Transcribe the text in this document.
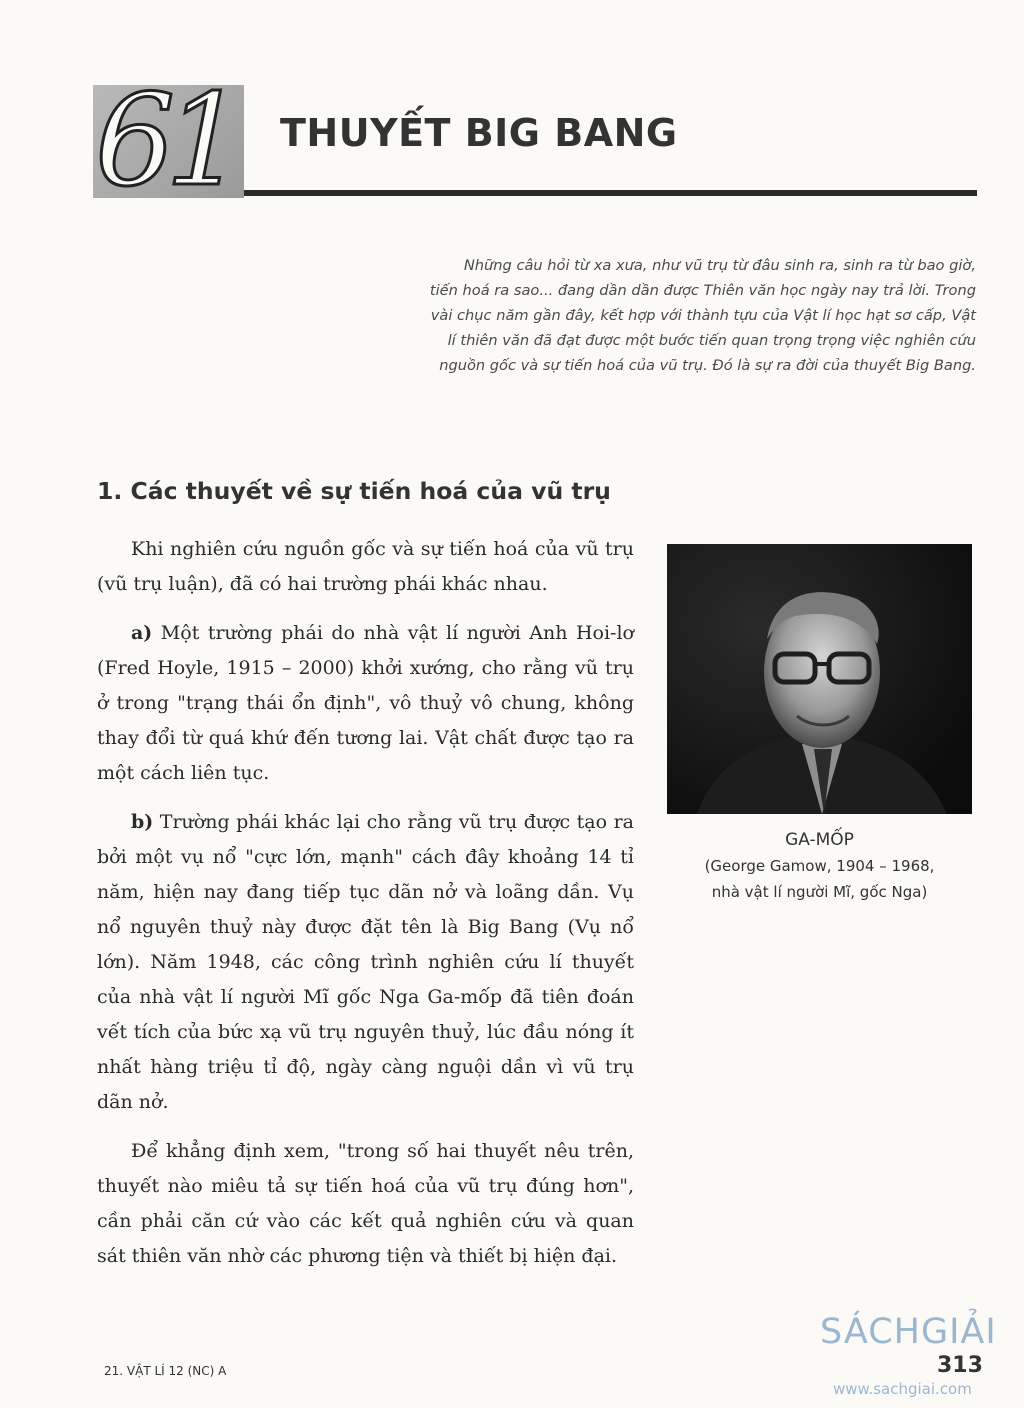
61 THUYẾT BIG BANG

Những câu hỏi từ xa xưa, như vũ trụ từ đâu sinh ra, sinh ra từ bao giờ,
tiến hoá ra sao... đang dần dần được Thiên văn học ngày nay trả lời. Trong
vài chục năm gần đây, kết hợp với thành tựu của Vật lí học hạt sơ cấp, Vật
lí thiên văn đã đạt được một bước tiến quan trọng trọng việc nghiên cứu
nguồn gốc và sự tiến hoá của vũ trụ. Đó là sự ra đời của thuyết Big Bang.

1. Các thuyết về sự tiến hoá của vũ trụ

Khi nghiên cứu nguồn gốc và sự tiến hoá của vũ trụ (vũ trụ luận), đã có hai trường phái khác nhau.

a) Một trường phái do nhà vật lí người Anh Hoi-lơ (Fred Hoyle, 1915 – 2000) khởi xướng, cho rằng vũ trụ ở trong "trạng thái ổn định", vô thuỷ vô chung, không thay đổi từ quá khứ đến tương lai. Vật chất được tạo ra một cách liên tục.

b) Trường phái khác lại cho rằng vũ trụ được tạo ra bởi một vụ nổ "cực lớn, mạnh" cách đây khoảng 14 tỉ năm, hiện nay đang tiếp tục dãn nở và loãng dần. Vụ nổ nguyên thuỷ này được đặt tên là Big Bang (Vụ nổ lớn). Năm 1948, các công trình nghiên cứu lí thuyết của nhà vật lí người Mĩ gốc Nga Ga-mốp đã tiên đoán vết tích của bức xạ vũ trụ nguyên thuỷ, lúc đầu nóng ít nhất hàng triệu tỉ độ, ngày càng nguội dần vì vũ trụ dãn nở.

Để khẳng định xem, "trong số hai thuyết nêu trên, thuyết nào miêu tả sự tiến hoá của vũ trụ đúng hơn", cần phải căn cứ vào các kết quả nghiên cứu và quan sát thiên văn nhờ các phương tiện và thiết bị hiện đại.

GA-MỐP
(George Gamow, 1904 – 1968,
nhà vật lí người Mĩ, gốc Nga)
21. VẬT LÍ 12 (NC) A
SÁCHGIẢI
313
www.sachgiai.com
